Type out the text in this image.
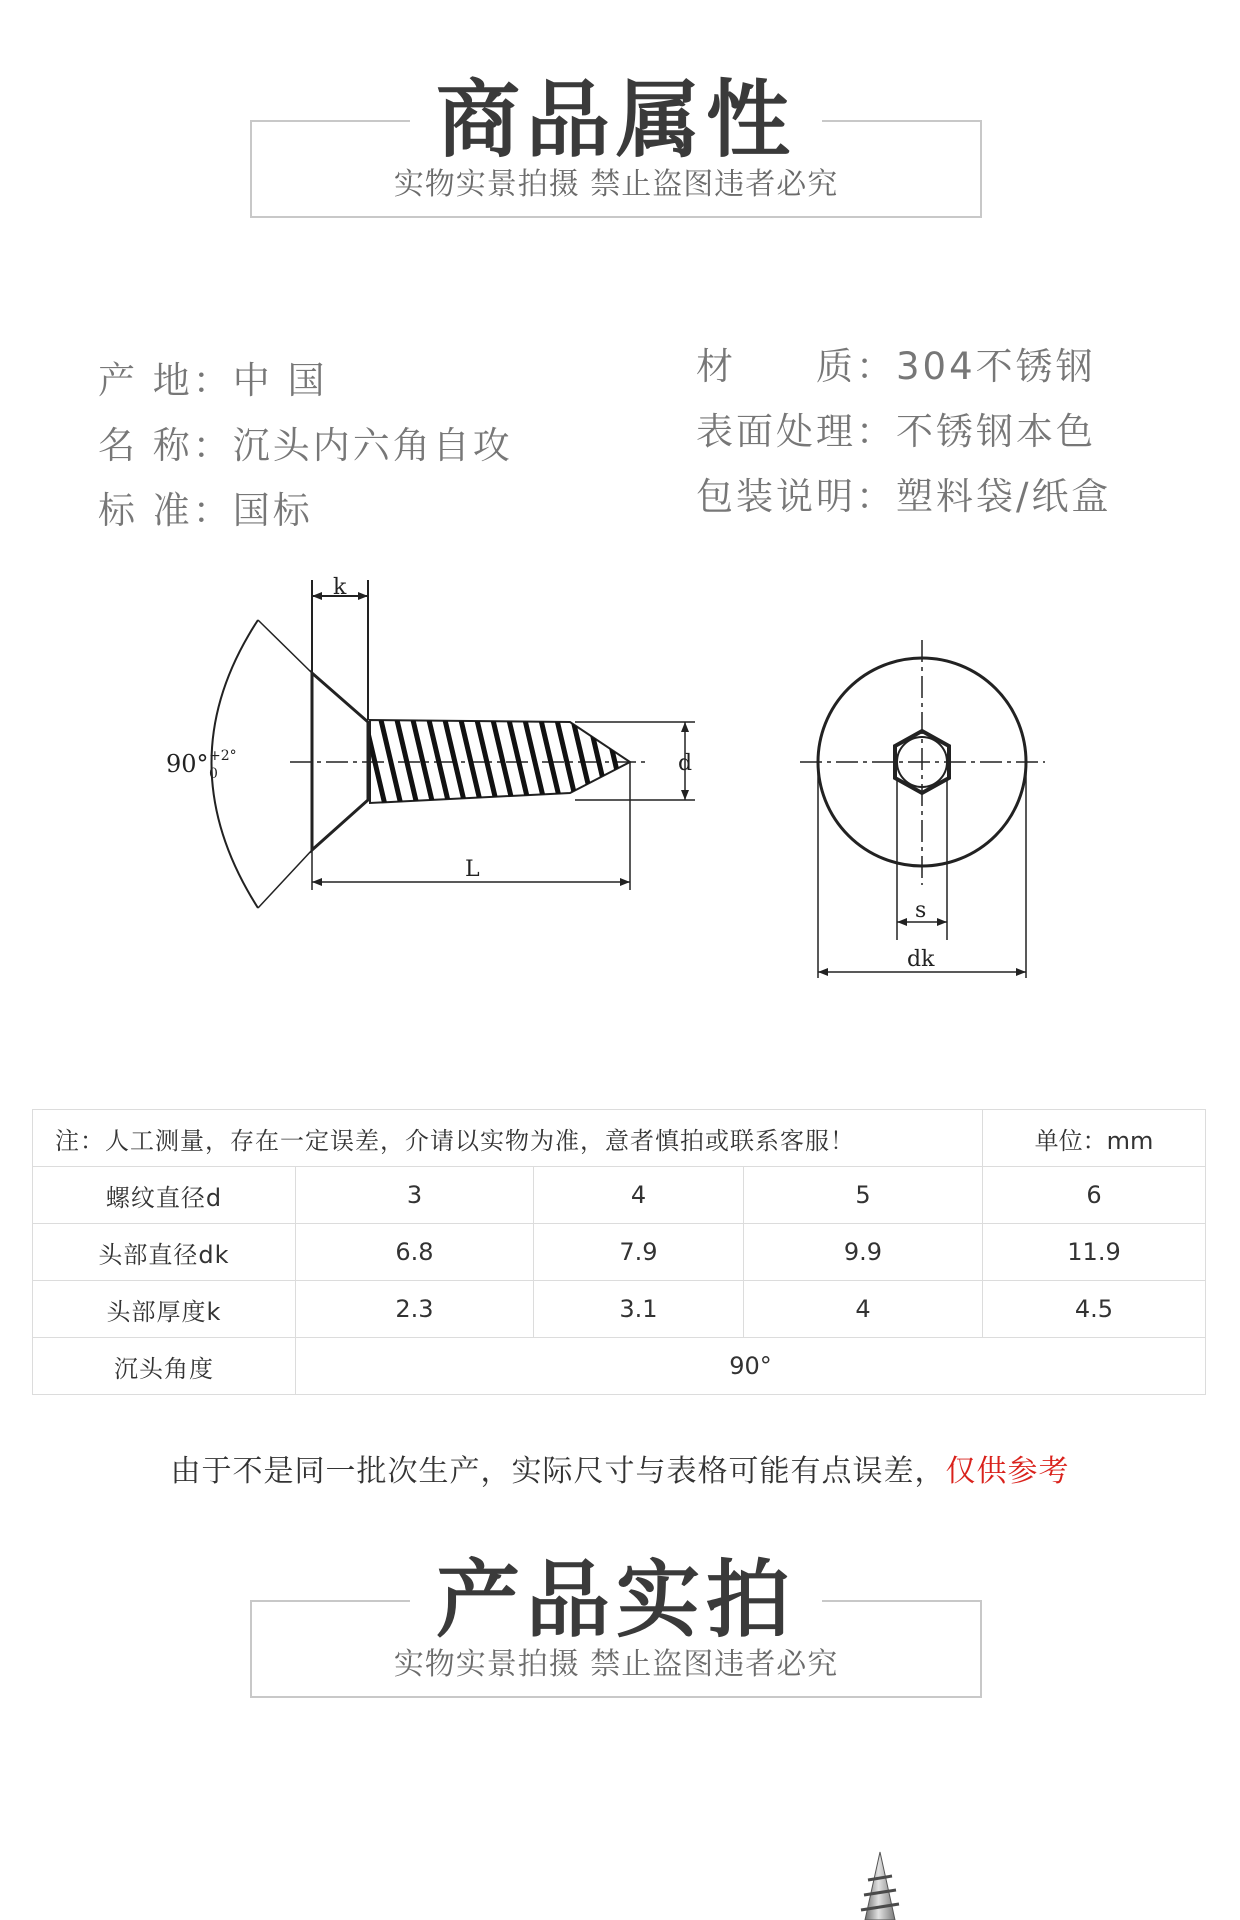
商品属性
实物实景拍摄 禁止盗图违者必究
产 地：中 国
名 称：沉头内六角自攻
标 准：国标
材　　质：304不锈钢
表面处理：不锈钢本色
包装说明：塑料袋/纸盒
k
90° +2°
0	d
L
s
dk
注：人工测量，存在一定误差，介请以实物为准，意者慎拍或联系客服！				单位：mm
螺纹直径d	3	4	5	6
头部直径dk	6.8	7.9	9.9	11.9
头部厚度k	2.3	3.1	4	4.5
沉头角度	90°			
由于不是同一批次生产，实际尺寸与表格可能有点误差，仅供参考
产品实拍
实物实景拍摄 禁止盗图违者必究
